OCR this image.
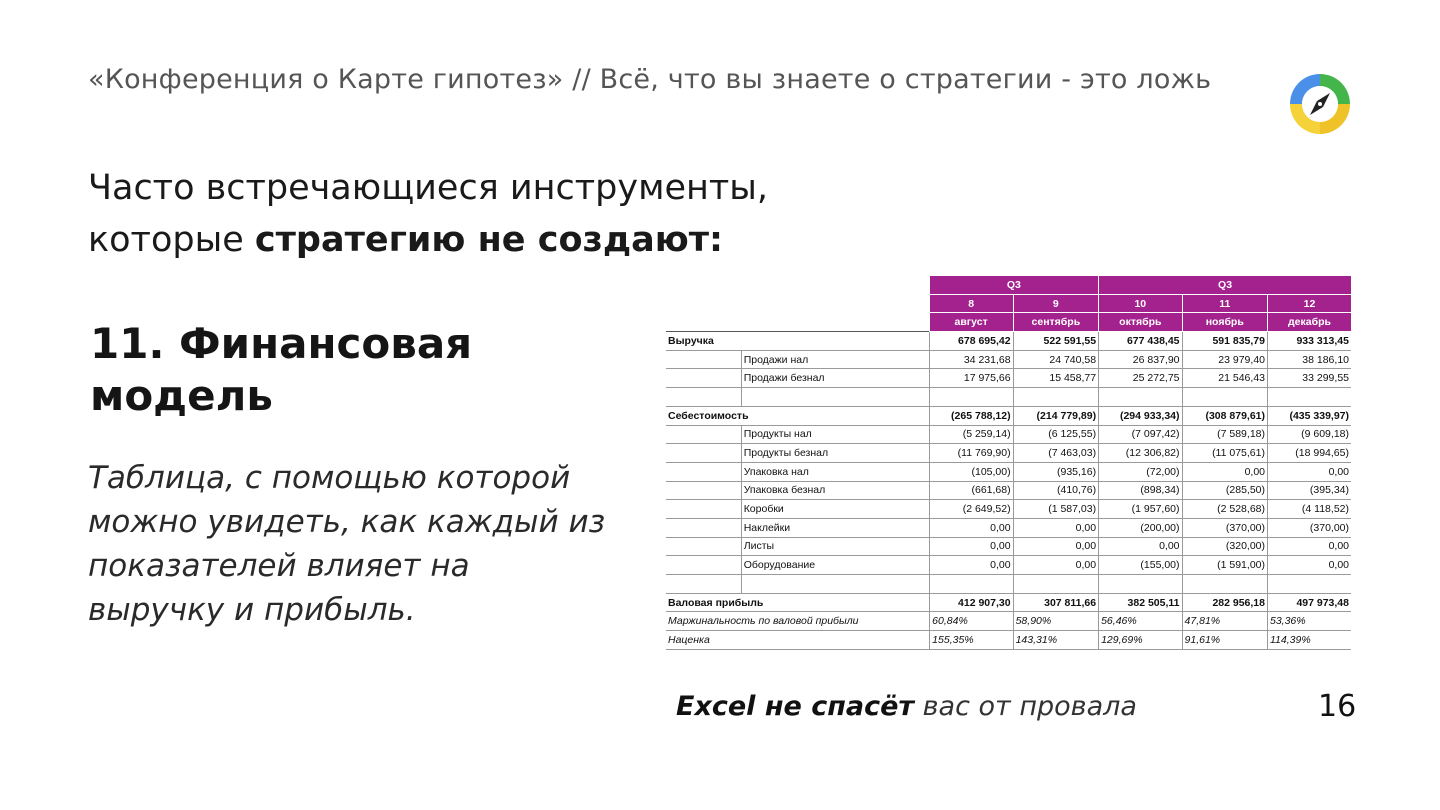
«Конференция о Карте гипотез» // Всё, что вы знаете о стратегии - это ложь
Часто встречающиеся инструменты,
которые стратегию не создают:
11. Финансовая
модель
Таблица, с помощью которой
можно увидеть, как каждый из
показателей влияет на
выручку и прибыль.
		Q3		Q3		
		8	9	10	11	12
		август	сентябрь	октябрь	ноябрь	декабрь
Выручка		678 695,42	522 591,55	677 438,45	591 835,79	933 313,45
	Продажи нал	34 231,68	24 740,58	26 837,90	23 979,40	38 186,10
	Продажи безнал	17 975,66	15 458,77	25 272,75	21 546,43	33 299,55

Себестоимость		(265 788,12)	(214 779,89)	(294 933,34)	(308 879,61)	(435 339,97)
	Продукты нал	(5 259,14)	(6 125,55)	(7 097,42)	(7 589,18)	(9 609,18)
	Продукты безнал	(11 769,90)	(7 463,03)	(12 306,82)	(11 075,61)	(18 994,65)
	Упаковка нал	(105,00)	(935,16)	(72,00)	0,00	0,00
	Упаковка безнал	(661,68)	(410,76)	(898,34)	(285,50)	(395,34)
	Коробки	(2 649,52)	(1 587,03)	(1 957,60)	(2 528,68)	(4 118,52)
	Наклейки	0,00	0,00	(200,00)	(370,00)	(370,00)
	Листы	0,00	0,00	0,00	(320,00)	0,00
	Оборудование	0,00	0,00	(155,00)	(1 591,00)	0,00

Валовая прибыль		412 907,30	307 811,66	382 505,11	282 956,18	497 973,48
Маржинальность по валовой прибыли		60,84%	58,90%	56,46%	47,81%	53,36%
Наценка		155,35%	143,31%	129,69%	91,61%	114,39%
Excel не спасёт вас от провала	16
